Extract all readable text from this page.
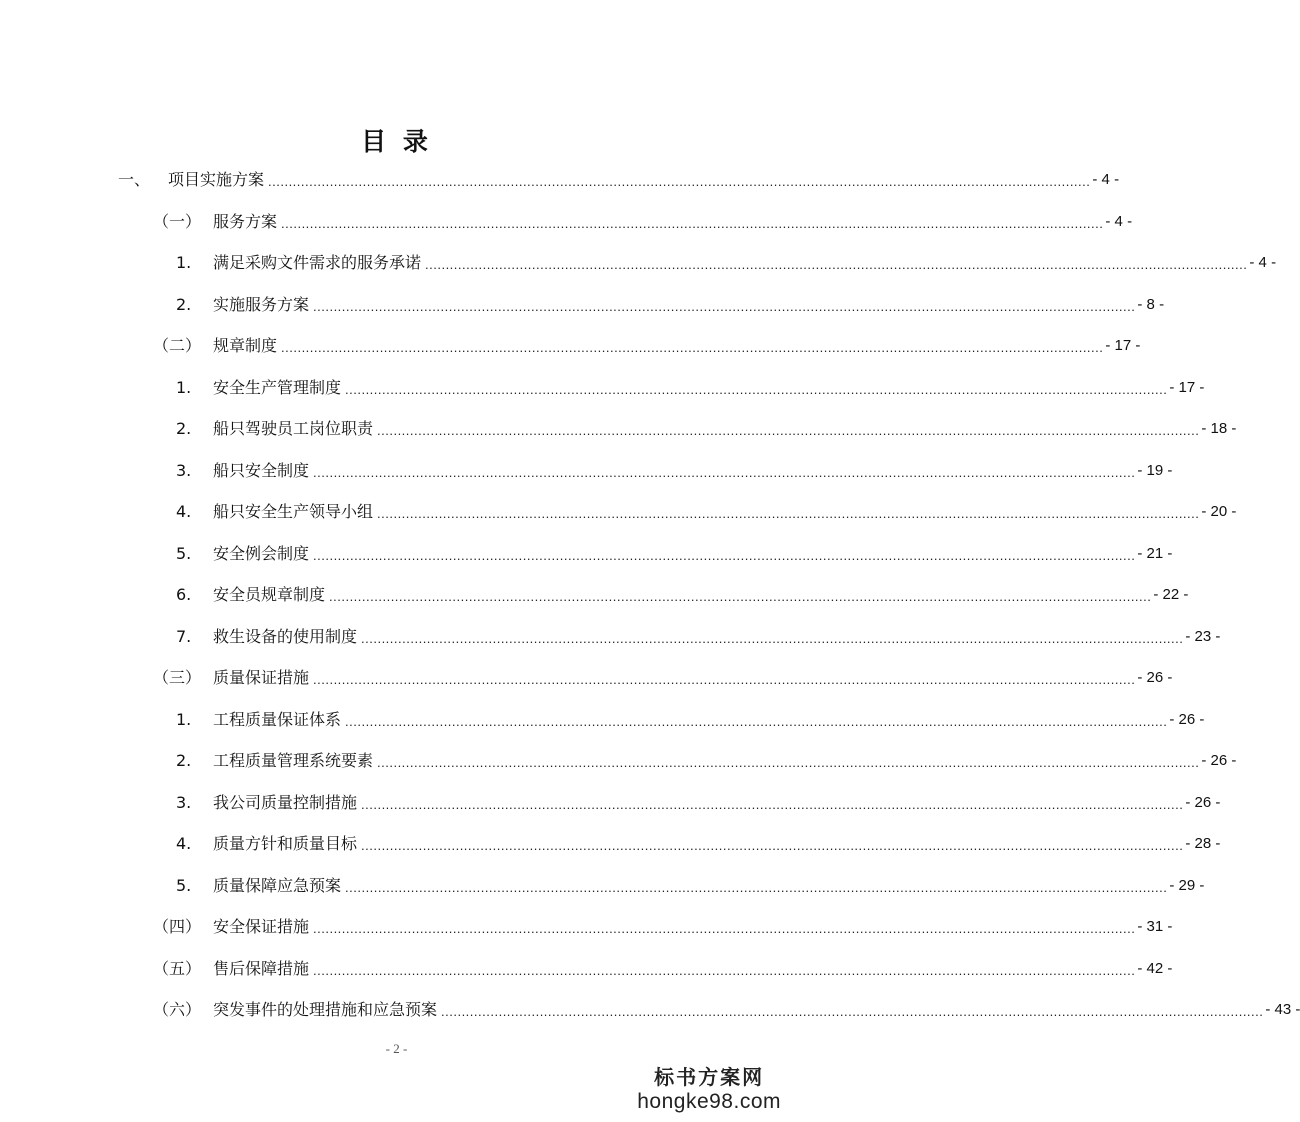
目 录
一、	项目实施方案 ........................................................................................................................................................................................................ - 4 -
（一） 服务方案 ........................................................................................................................................................................................................ - 4 -
1.	满足采购文件需求的服务承诺 ........................................................................................................................................................................................................ - 4 -
2.	实施服务方案 ........................................................................................................................................................................................................ - 8 -
（二） 规章制度 ........................................................................................................................................................................................................ - 17 -
1.	安全生产管理制度 ........................................................................................................................................................................................................ - 17 -
2.	船只驾驶员工岗位职责 ........................................................................................................................................................................................................ - 18 -
3.	船只安全制度 ........................................................................................................................................................................................................ - 19 -
4.	船只安全生产领导小组 ........................................................................................................................................................................................................ - 20 -
5.	安全例会制度 ........................................................................................................................................................................................................ - 21 -
6.	安全员规章制度 ........................................................................................................................................................................................................ - 22 -
7.	救生设备的使用制度 ........................................................................................................................................................................................................ - 23 -
（三） 质量保证措施 ........................................................................................................................................................................................................ - 26 -
1.	工程质量保证体系 ........................................................................................................................................................................................................ - 26 -
2.	工程质量管理系统要素 ........................................................................................................................................................................................................ - 26 -
3.	我公司质量控制措施 ........................................................................................................................................................................................................ - 26 -
4.	质量方针和质量目标 ........................................................................................................................................................................................................ - 28 -
5.	质量保障应急预案 ........................................................................................................................................................................................................ - 29 -
（四） 安全保证措施 ........................................................................................................................................................................................................ - 31 -
（五） 售后保障措施 ........................................................................................................................................................................................................ - 42 -
（六） 突发事件的处理措施和应急预案 ........................................................................................................................................................................................................ - 43 -
- 2 -
标书方案网
hongke98.com
